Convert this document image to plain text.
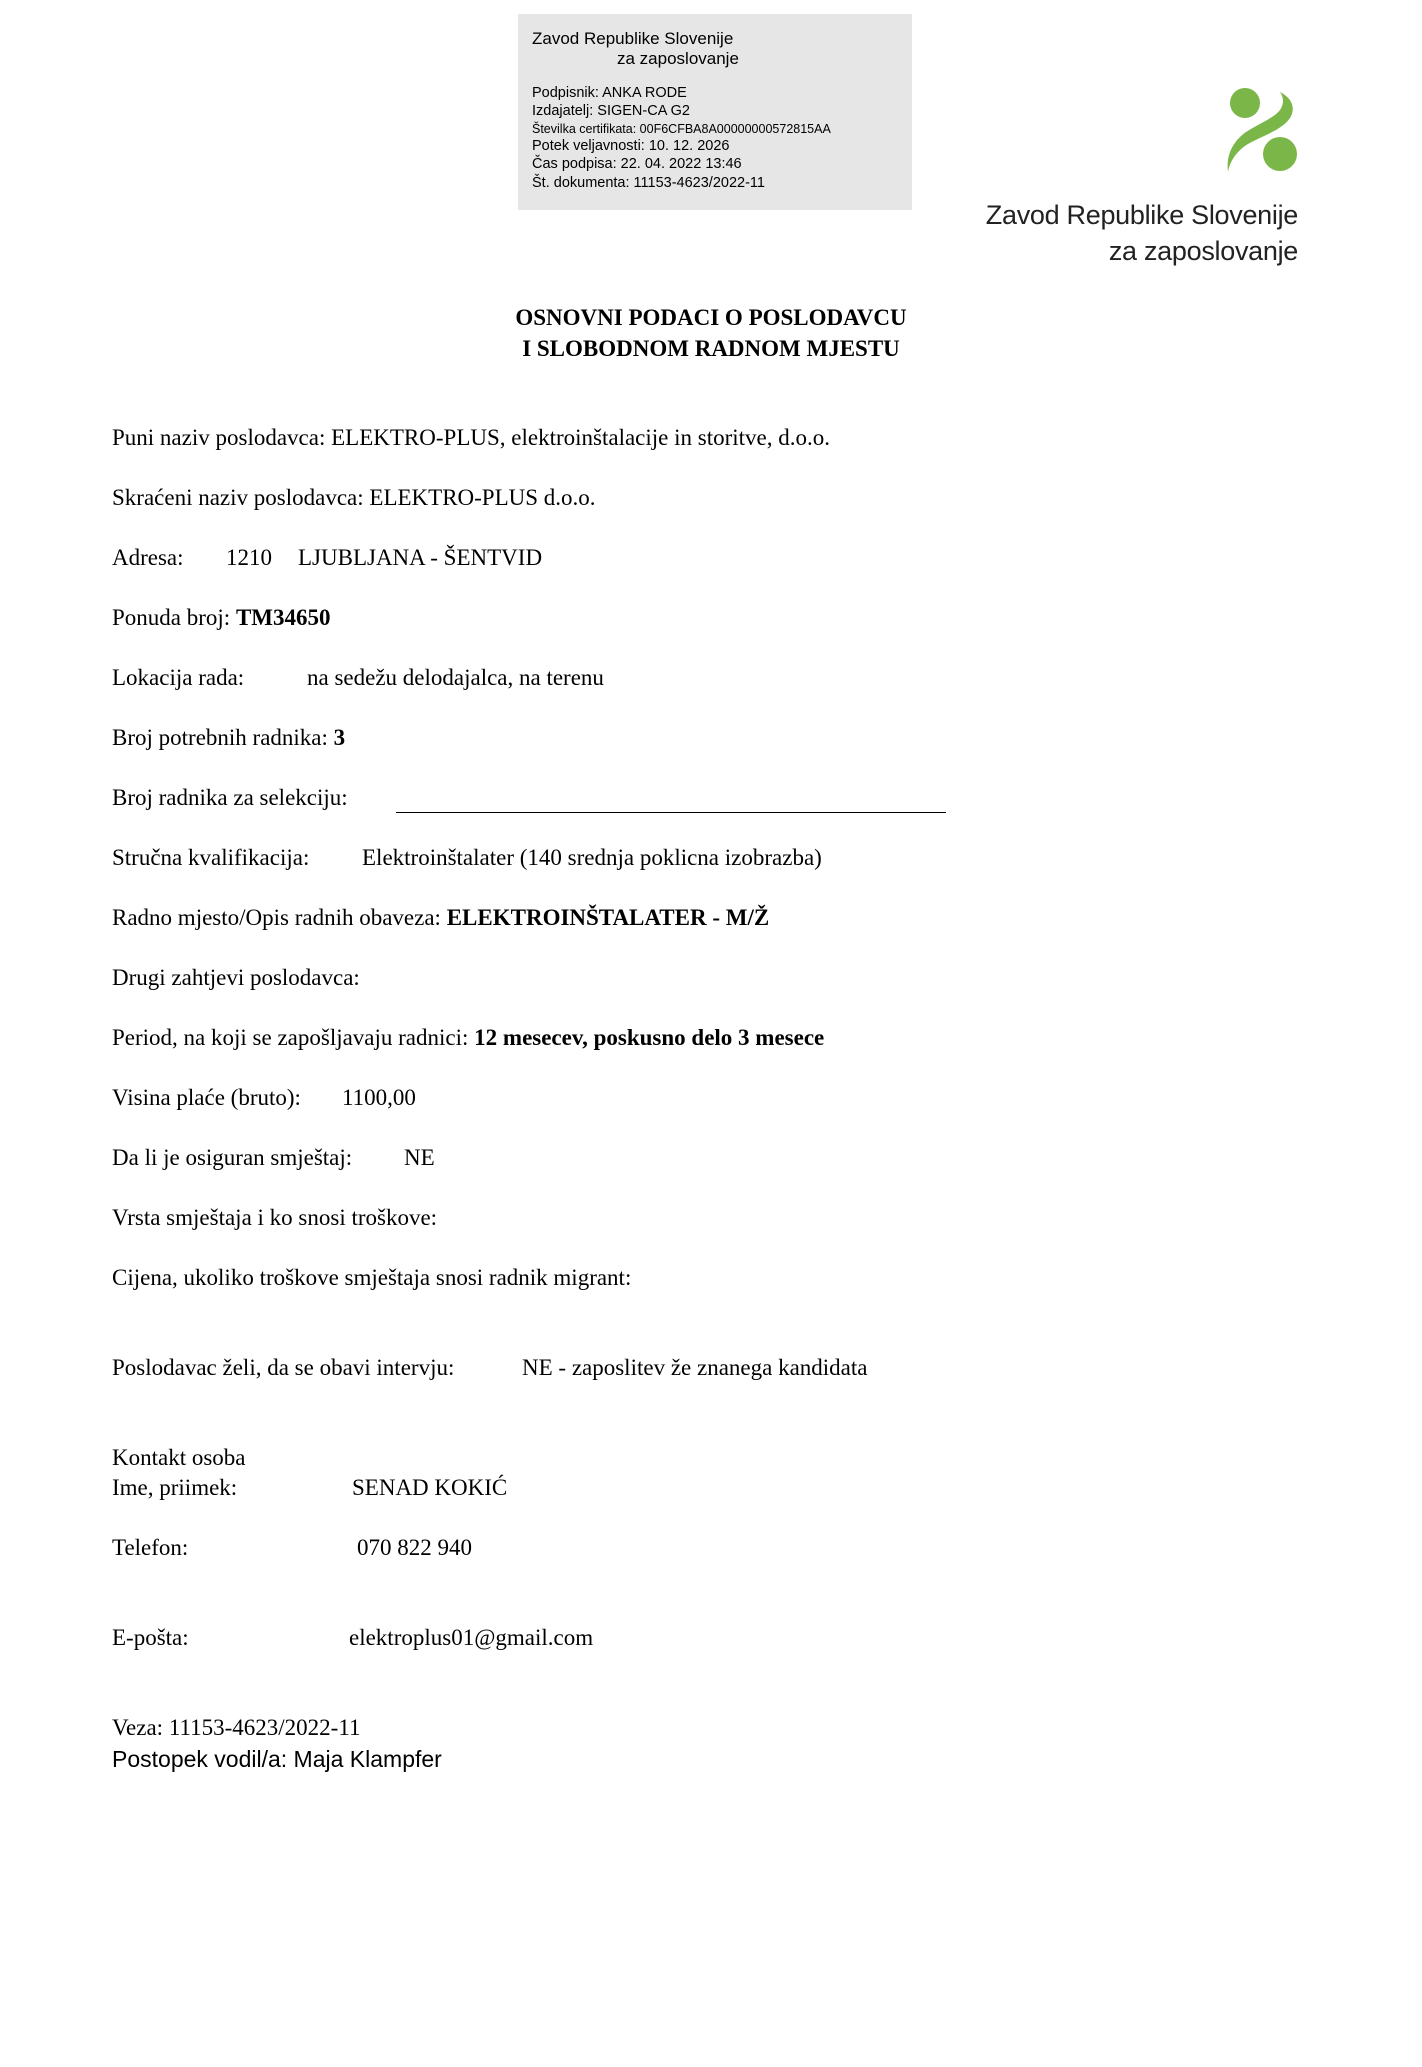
Zavod Republike Slovenije
za zaposlovanje
Podpisnik: ANKA RODE
Izdajatelj: SIGEN-CA G2
Številka certifikata: 00F6CFBA8A00000000572815AA
Potek veljavnosti: 10. 12. 2026
Čas podpisa: 22. 04. 2022 13:46
Št. dokumenta: 11153-4623/2022-11
Zavod Republike Slovenije
za zaposlovanje
OSNOVNI PODACI O POSLODAVCU
I SLOBODNOM RADNOM MJESTU
Puni naziv poslodavca: ELEKTRO-PLUS, elektroinštalacije in storitve, d.o.o.
Skraćeni naziv poslodavca: ELEKTRO-PLUS d.o.o.
Adresa: 1210 LJUBLJANA - ŠENTVID
Ponuda broj: TM34650
Lokacija rada:	na sedežu delodajalca, na terenu
Broj potrebnih radnika: 3
Broj radnika za selekciju:
Stručna kvalifikacija: Elektroinštalater (140 srednja poklicna izobrazba)
Radno mjesto/Opis radnih obaveza: ELEKTROINŠTALATER - M/Ž
Drugi zahtjevi poslodavca:
Period, na koji se zapošljavaju radnici: 12 mesecev, poskusno delo 3 mesece
Visina plaće (bruto): 1100,00
Da li je osiguran smještaj: NE
Vrsta smještaja i ko snosi troškove:
Cijena, ukoliko troškove smještaja snosi radnik migrant:
Poslodavac želi, da se obavi intervju:	NE - zaposlitev že znanega kandidata
Kontakt osoba
Ime, priimek:	SENAD KOKIĆ
Telefon:	070 822 940
E-pošta:	elektroplus01@gmail.com
Veza: 11153-4623/2022-11
Postopek vodil/a: Maja Klampfer
